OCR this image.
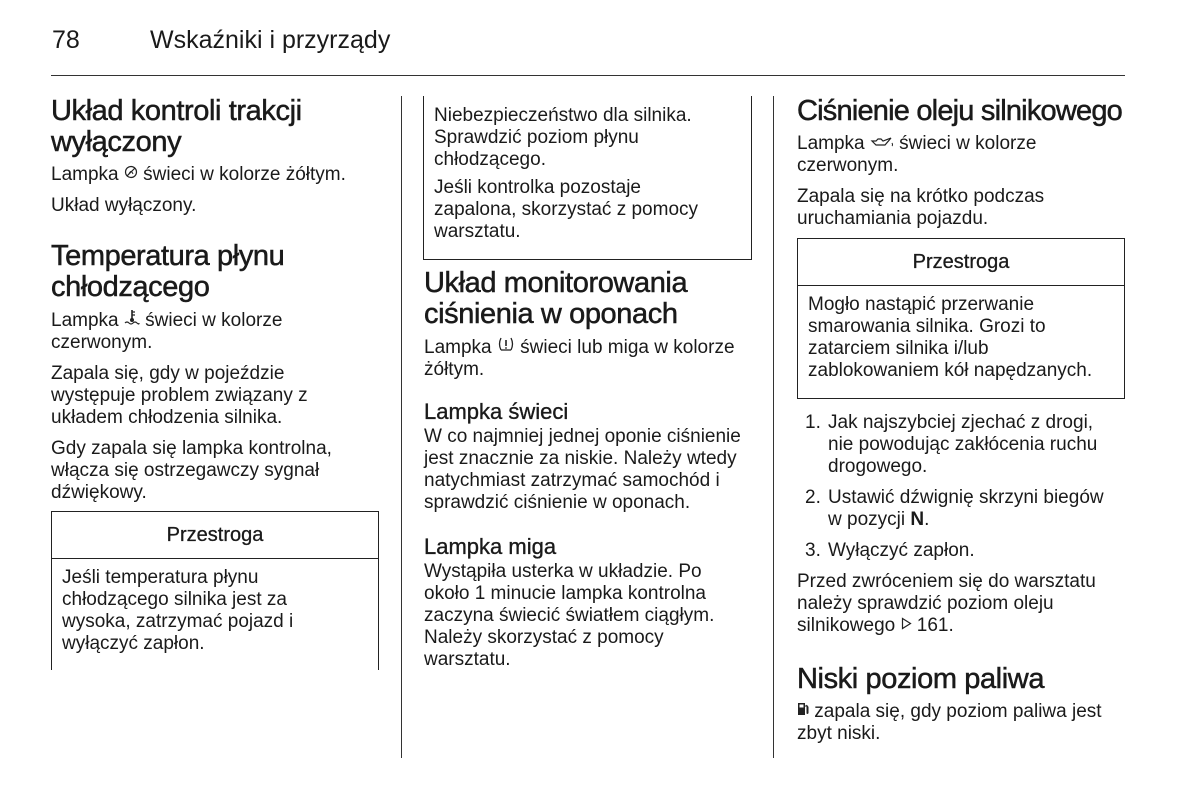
78	Wskaźniki i przyrządy
Układ kontroli trakcji
wyłączony

Lampka  świeci w kolorze żółtym.

Układ wyłączony.

Temperatura płynu
chłodzącego

Lampka  świeci w kolorze
czerwonym.

Zapala się, gdy w pojeździe
występuje problem związany z
układem chłodzenia silnika.

Gdy zapala się lampka kontrolna,
włącza się ostrzegawczy sygnał
dźwiękowy.

Przestroga
Jeśli temperatura płynu
chłodzącego silnika jest za
wysoka, zatrzymać pojazd i
wyłączyć zapłon.
Niebezpieczeństwo dla silnika.
Sprawdzić poziom płynu
chłodzącego.
Jeśli kontrolka pozostaje
zapalona, skorzystać z pomocy
warsztatu.
Układ monitorowania
ciśnienia w oponach

Lampka  świeci lub miga w kolorze
żółtym.

Lampka świeci

W co najmniej jednej oponie ciśnienie
jest znacznie za niskie. Należy wtedy
natychmiast zatrzymać samochód i
sprawdzić ciśnienie w oponach.

Lampka miga

Wystąpiła usterka w układzie. Po
około 1 minucie lampka kontrolna
zaczyna świecić światłem ciągłym.
Należy skorzystać z pomocy
warsztatu.

Ciśnienie oleju silnikowego

Lampka  świeci w kolorze
czerwonym.

Zapala się na krótko podczas
uruchamiania pojazdu.

Przestroga
Mogło nastąpić przerwanie
smarowania silnika. Grozi to
zatarciem silnika i/lub
zablokowaniem kół napędzanych.
1. Jak najszybciej zjechać z drogi,
nie powodując zakłócenia ruchu
drogowego.
2. Ustawić dźwignię skrzyni biegów
w pozycji N.
3. Wyłączyć zapłon.

Przed zwróceniem się do warsztatu
należy sprawdzić poziom oleju
silnikowego  161.

Niski poziom paliwa

zapala się, gdy poziom paliwa jest
zbyt niski.
